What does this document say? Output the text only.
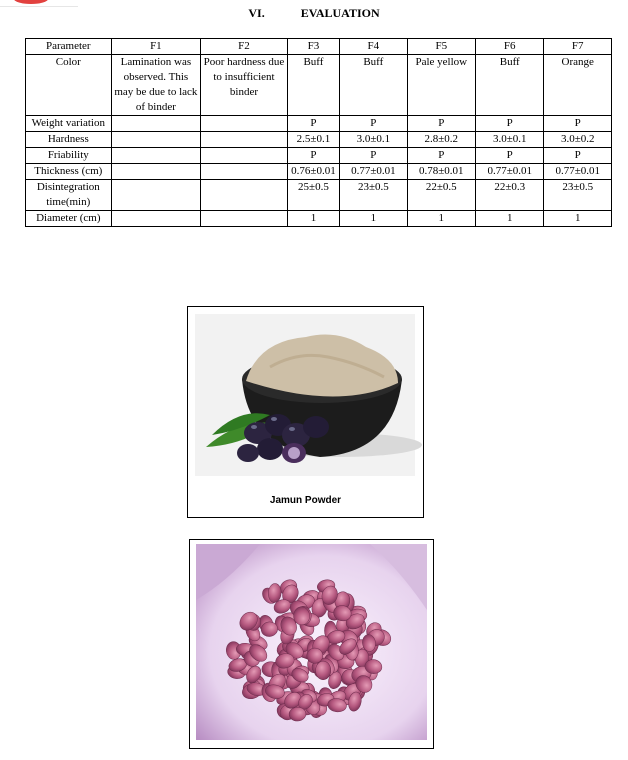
VI.	EVALUATION
Parameter	F1	F2	F3	F4	F5	F6	F7
Color	Lamination was observed. This may be due to lack of binder	Poor hardness due to insufficient binder	Buff	Buff	Pale yellow	Buff	Orange
Weight variation			P	P	P	P	P
Hardness			2.5±0.1	3.0±0.1	2.8±0.2	3.0±0.1	3.0±0.2
Friability			P	P	P	P	P
Thickness (cm)			0.76±0.01	0.77±0.01	0.78±0.01	0.77±0.01	0.77±0.01
Disintegration time(min)			25±0.5	23±0.5	22±0.5	22±0.3	23±0.5
Diameter (cm)			1	1	1	1	1
Jamun Powder
